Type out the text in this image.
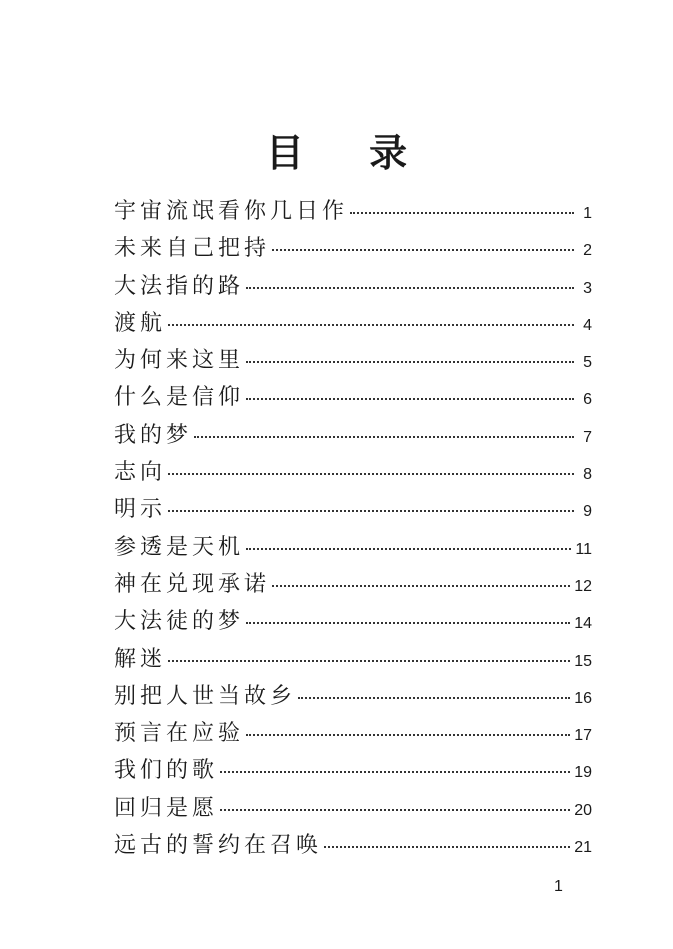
目 录
宇宙流氓看你几日作	1
未来自己把持	2
大法指的路	3
渡航	4
为何来这里	5
什么是信仰	6
我的梦	7
志向	8
明示	9
参透是天机	11
神在兑现承诺	12
大法徒的梦	14
解迷	15
别把人世当故乡	16
预言在应验	17
我们的歌	19
回归是愿	20
远古的誓约在召唤	21
1
